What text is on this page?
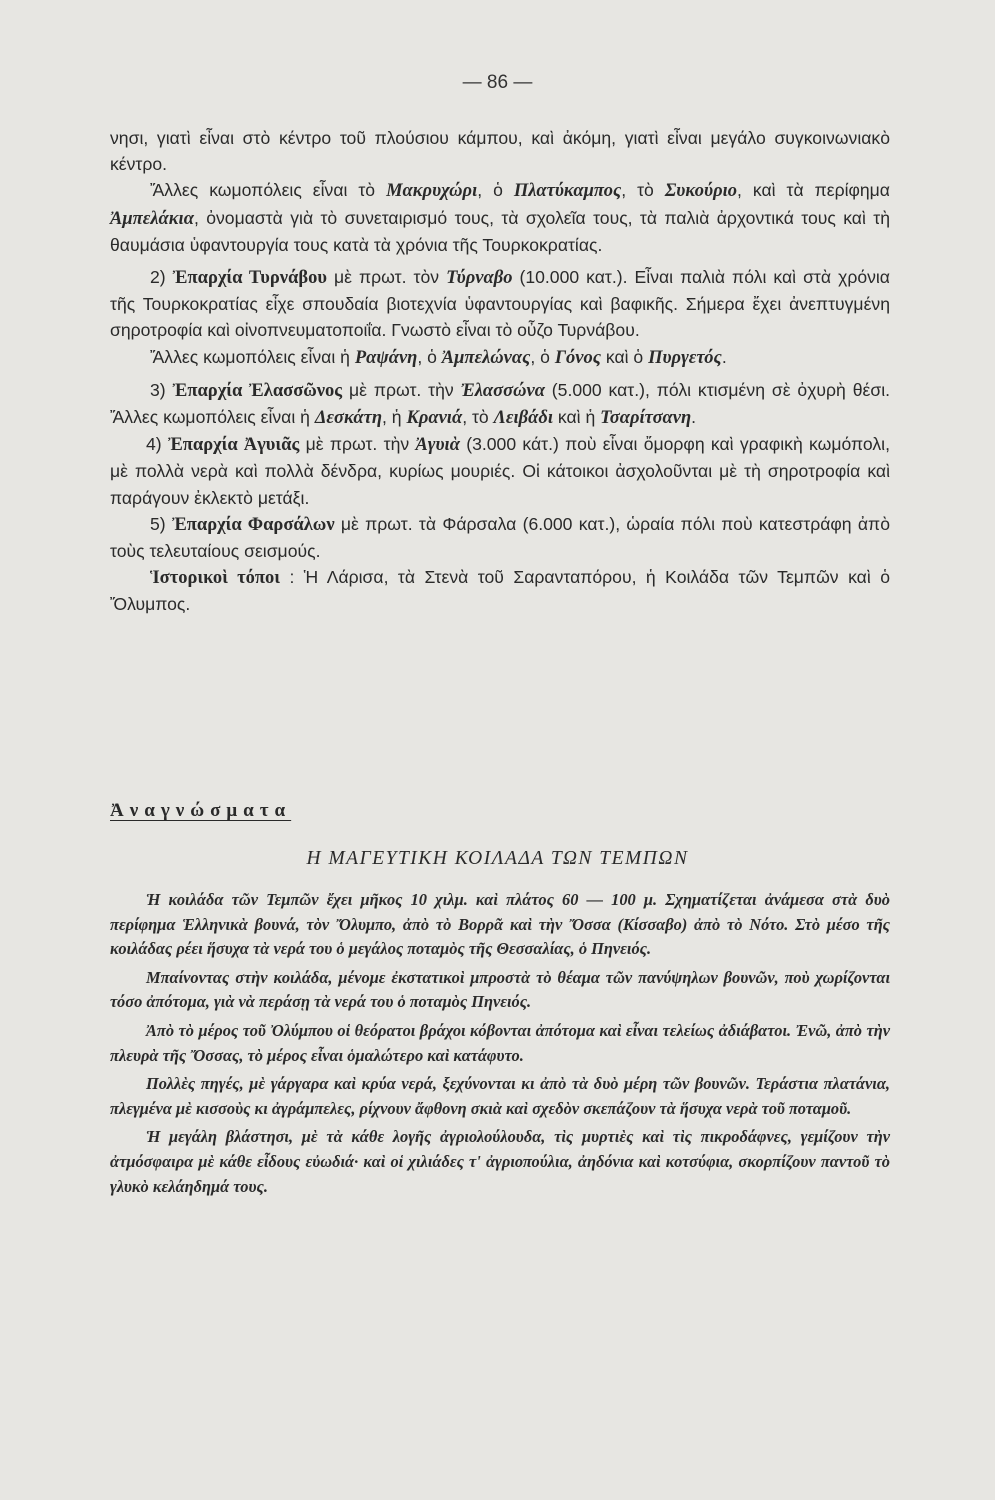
— 86 —

νησι, γιατὶ εἶναι στὸ κέντρο τοῦ πλούσιου κάμπου, καὶ ἀκόμη, γιατὶ εἶναι μεγάλο συγκοινωνιακὸ κέντρο.

Ἄλλες κωμοπόλεις εἶναι τὸ Μακρυχώρι, ὁ Πλατύκαμπος, τὸ Συκούριο, καὶ τὰ περίφημα Ἀμπελάκια, ὀνομαστὰ γιὰ τὸ συνεταιρισμό τους, τὰ σχολεῖα τους, τὰ παλιὰ ἀρχοντικά τους καὶ τὴ θαυμάσια ὑφαντουργία τους κατὰ τὰ χρόνια τῆς Τουρκοκρατίας.

2) Ἐπαρχία Τυρνάβου μὲ πρωτ. τὸν Τύρναβο (10.000 κατ.). Εἶναι παλιὰ πόλι καὶ στὰ χρόνια τῆς Τουρκοκρατίας εἶχε σπουδαία βιοτεχνία ὑφαντουργίας καὶ βαφικῆς. Σήμερα ἔχει ἀνεπτυγμένη σηροτροφία καὶ οἰνοπνευματοποιΐα. Γνωστὸ εἶναι τὸ οὖζο Τυρνάβου.

Ἄλλες κωμοπόλεις εἶναι ἡ Ραψάνη, ὁ Ἀμπελώνας, ὁ Γόνος καὶ ὁ Πυργετός.

3) Ἐπαρχία Ἐλασσῶνος μὲ πρωτ. τὴν Ἐλασσώνα (5.000 κατ.), πόλι κτισμένη σὲ ὀχυρὴ θέσι. Ἄλλες κωμοπόλεις εἶναι ἡ Δεσκάτη, ἡ Κρανιά, τὸ Λειβάδι καὶ ἡ Τσαρίτσανη.

4) Ἐπαρχία Ἀγυιᾶς μὲ πρωτ. τὴν Ἀγυιὰ (3.000 κάτ.) ποὺ εἶναι ὄμορφη καὶ γραφικὴ κωμόπολι, μὲ πολλὰ νερὰ καὶ πολλὰ δένδρα, κυρίως μουριές. Οἱ κάτοικοι ἀσχολοῦνται μὲ τὴ σηροτροφία καὶ παράγουν ἐκλεκτὸ μετάξι.

5) Ἐπαρχία Φαρσάλων μὲ πρωτ. τὰ Φάρσαλα (6.000 κατ.), ὡραία πόλι ποὺ κατεστράφη ἀπὸ τοὺς τελευταίους σεισμούς.

Ἱστορικοὶ τόποι : Ἡ Λάρισα, τὰ Στενὰ τοῦ Σαρανταπόρου, ἡ Κοιλάδα τῶν Τεμπῶν καὶ ὁ Ὄλυμπος.

Ἀναγνώσματα
Η ΜΑΓΕΥΤΙΚΗ ΚΟΙΛΑΔΑ ΤΩΝ ΤΕΜΠΩΝ

Ἡ κοιλάδα τῶν Τεμπῶν ἔχει μῆκος 10 χιλμ. καὶ πλάτος 60 — 100 μ. Σχηματίζεται ἀνάμεσα στὰ δυὸ περίφημα Ἑλληνικὰ βουνά, τὸν Ὄλυμπο, ἀπὸ τὸ Βορρᾶ καὶ τὴν Ὄσσα (Κίσσαβο) ἀπὸ τὸ Νότο. Στὸ μέσο τῆς κοιλάδας ρέει ἥσυχα τὰ νερά του ὁ μεγάλος ποταμὸς τῆς Θεσσαλίας, ὁ Πηνειός.

Μπαίνοντας στὴν κοιλάδα, μένομε ἐκστατικοὶ μπροστὰ τὸ θέαμα τῶν πανύψηλων βουνῶν, ποὺ χωρίζονται τόσο ἀπότομα, γιὰ νὰ περάσῃ τὰ νερά του ὁ ποταμὸς Πηνειός.

Ἀπὸ τὸ μέρος τοῦ Ὀλύμπου οἱ θεόρατοι βράχοι κόβονται ἀπότομα καὶ εἶναι τελείως ἀδιάβατοι. Ἐνῶ, ἀπὸ τὴν πλευρὰ τῆς Ὄσσας, τὸ μέρος εἶναι ὁμαλώτερο καὶ κατάφυτο.

Πολλὲς πηγές, μὲ γάργαρα καὶ κρύα νερά, ξεχύνονται κι ἀπὸ τὰ δυὸ μέρη τῶν βουνῶν. Τεράστια πλατάνια, πλεγμένα μὲ κισσοὺς κι ἀγράμπελες, ρίχνουν ἄφθονη σκιὰ καὶ σχεδὸν σκεπάζουν τὰ ἥσυχα νερὰ τοῦ ποταμοῦ.

Ἡ μεγάλη βλάστησι, μὲ τὰ κάθε λογῆς ἀγριολούλουδα, τὶς μυρτιὲς καὶ τὶς πικροδάφνες, γεμίζουν τὴν ἀτμόσφαιρα μὲ κάθε εἶδους εὐωδιά· καὶ οἱ χιλιάδες τ' ἀγριοπούλια, ἀηδόνια καὶ κοτσύφια, σκορπίζουν παντοῦ τὸ γλυκὸ κελάηδημά τους.
